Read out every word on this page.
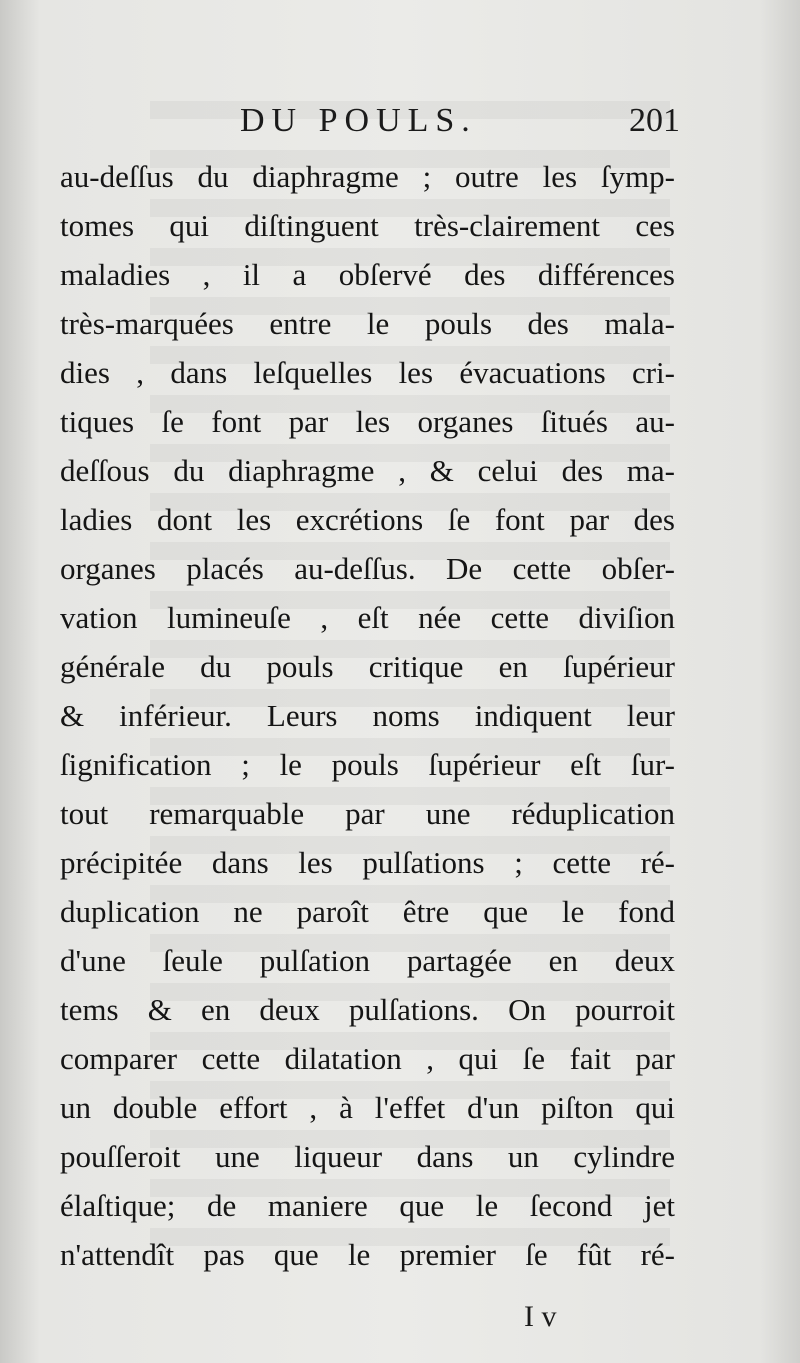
DU POULS.	201
au-deſſus du diaphragme ; outre les ſymp-
tomes qui diſtinguent très-clairement ces
maladies , il a obſervé des différences
très-marquées entre le pouls des mala-
dies , dans leſquelles les évacuations cri-
tiques ſe font par les organes ſitués au-
deſſous du diaphragme , & celui des ma-
ladies dont les excrétions ſe font par des
organes placés au-deſſus. De cette obſer-
vation lumineuſe , eſt née cette diviſion
générale du pouls critique en ſupérieur
& inférieur. Leurs noms indiquent leur
ſignification ; le pouls ſupérieur eſt ſur-
tout remarquable par une réduplication
précipitée dans les pulſations ; cette ré-
duplication ne paroît être que le fond
d'une ſeule pulſation partagée en deux
tems & en deux pulſations. On pourroit
comparer cette dilatation , qui ſe fait par
un double effort , à l'effet d'un piſton qui
pouſſeroit une liqueur dans un cylindre
élaſtique; de maniere que le ſecond jet
n'attendît pas que le premier ſe fût ré-
I v
